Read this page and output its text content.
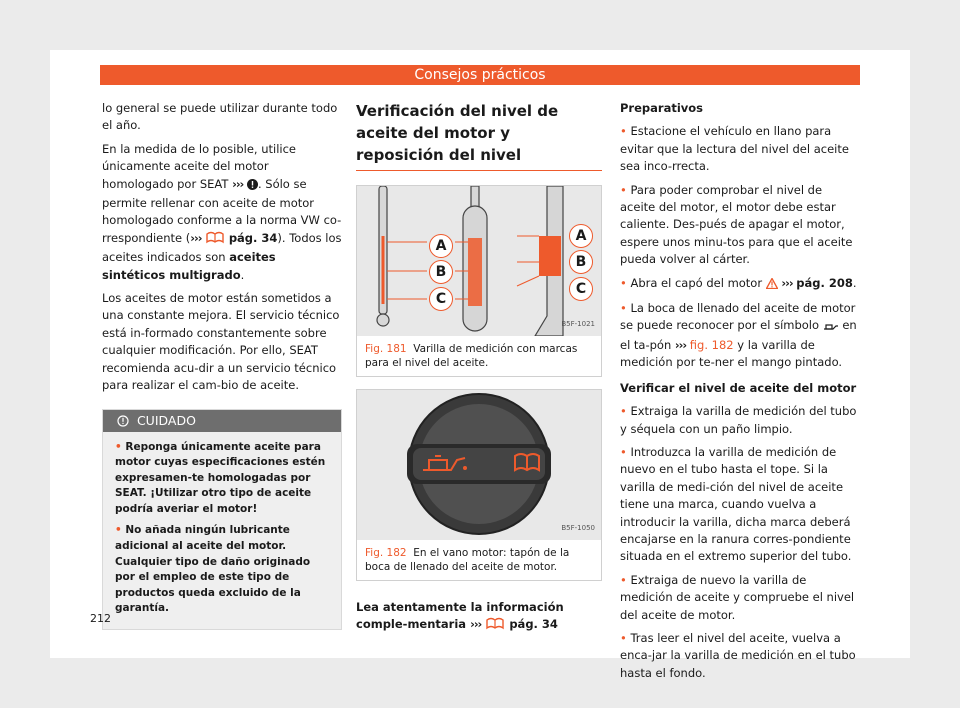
Consejos prácticos

lo general se puede utilizar durante todo el año.

En la medida de lo posible, utilice únicamente aceite del motor homologado por SEAT ››› . Sólo se permite rellenar con aceite de motor homologado conforme a la norma VW co-rrespondiente (››› pág. 34). Todos los aceites indicados son aceites sintéticos multigrado.

Los aceites de motor están sometidos a una constante mejora. El servicio técnico está in-formado constantemente sobre cualquier modificación. Por ello, SEAT recomienda acu-dir a un servicio técnico para realizar el cam-bio de aceite.

CUIDADO

• Reponga únicamente aceite para motor cuyas especificaciones estén expresamen-te homologadas por SEAT. ¡Utilizar otro tipo de aceite podría averiar el motor!

• No añada ningún lubricante adicional al aceite del motor. Cualquier tipo de daño originado por el empleo de este tipo de productos queda excluido de la garantía.

Verificación del nivel de aceite del motor y reposición del nivel
A
B
C
A
B
C
B5F-1021
Fig. 181 Varilla de medición con marcas para el nivel del aceite.
B5F-1050
Fig. 182 En el vano motor: tapón de la boca de llenado del aceite de motor.

Lea atentamente la información comple-mentaria ››› pág. 34

Preparativos

• Estacione el vehículo en llano para evitar que la lectura del nivel del aceite sea inco-rrecta.

• Para poder comprobar el nivel de aceite del motor, el motor debe estar caliente. Des-pués de apagar el motor, espere unos minu-tos para que el aceite pueda volver al cárter.

• Abra el capó del motor ››› pág. 208.

• La boca de llenado del aceite de motor se puede reconocer por el símbolo en el ta-pón ››› fig. 182 y la varilla de medición por te-ner el mango pintado.

Verificar el nivel de aceite del motor

• Extraiga la varilla de medición del tubo y séquela con un paño limpio.

• Introduzca la varilla de medición de nuevo en el tubo hasta el tope. Si la varilla de medi-ción del nivel de aceite tiene una marca, cuando vuelva a introducir la varilla, dicha marca deberá encajarse en la ranura corres-pondiente situada en el extremo superior del tubo.

• Extraiga de nuevo la varilla de medición de aceite y compruebe el nivel del aceite de motor.

• Tras leer el nivel del aceite, vuelva a enca-jar la varilla de medición en el tubo hasta el fondo.

212
